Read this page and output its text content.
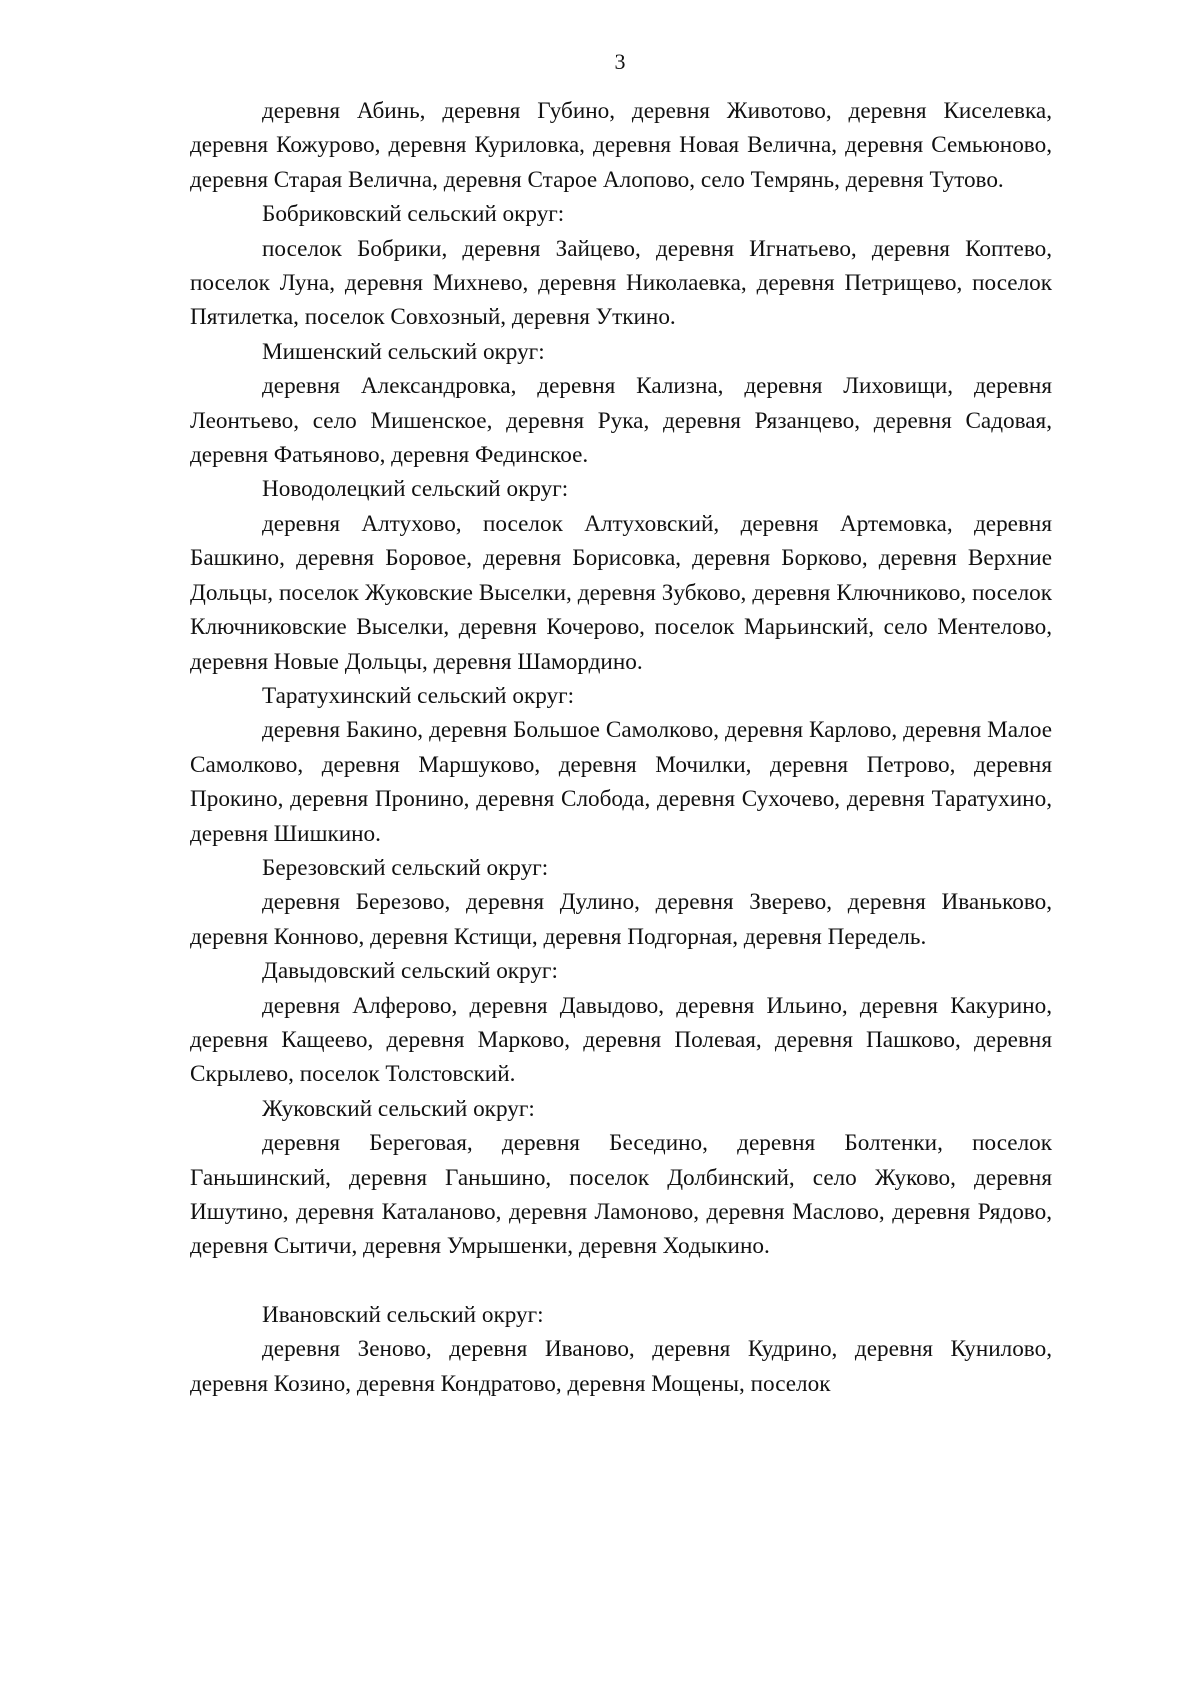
3

деревня Абинь, деревня Губино, деревня Животово, деревня Киселевка, деревня Кожурово, деревня Куриловка, деревня Новая Велична, деревня Семьюново, деревня Старая Велична, деревня Старое Алопово, село Темрянь, деревня Тутово.

Бобриковский сельский округ:

поселок Бобрики, деревня Зайцево, деревня Игнатьево, деревня Коптево, поселок Луна, деревня Михнево, деревня Николаевка, деревня Петрищево, поселок Пятилетка, поселок Совхозный, деревня Уткино.

Мишенский сельский округ:

деревня Александровка, деревня Кализна, деревня Лиховищи, деревня Леонтьево, село Мишенское, деревня Рука, деревня Рязанцево, деревня Садовая, деревня Фатьяново, деревня Фединское.

Новодолецкий сельский округ:

деревня Алтухово, поселок Алтуховский, деревня Артемовка, деревня Башкино, деревня Боровое, деревня Борисовка, деревня Борково, деревня Верхние Дольцы, поселок Жуковские Выселки, деревня Зубково, деревня Ключниково, поселок Ключниковские Выселки, деревня Кочерово, поселок Марьинский, село Ментелово, деревня Новые Дольцы, деревня Шамордино.

Таратухинский сельский округ:

деревня Бакино, деревня Большое Самолково, деревня Карлово, деревня Малое Самолково, деревня Маршуково, деревня Мочилки, деревня Петрово, деревня Прокино, деревня Пронино, деревня Слобода, деревня Сухочево, деревня Таратухино, деревня Шишкино.

Березовский сельский округ:

деревня Березово, деревня Дулино, деревня Зверево, деревня Иваньково, деревня Конново, деревня Кстищи, деревня Подгорная, деревня Передель.

Давыдовский сельский округ:

деревня Алферово, деревня Давыдово, деревня Ильино, деревня Какурино, деревня Кащеево, деревня Марково, деревня Полевая, деревня Пашково, деревня Скрылево, поселок Толстовский.

Жуковский сельский округ:

деревня Береговая, деревня Беседино, деревня Болтенки, поселок Ганьшинский, деревня Ганьшино, поселок Долбинский, село Жуково, деревня Ишутино, деревня Каталаново, деревня Ламоново, деревня Маслово, деревня Рядово, деревня Сытичи, деревня Умрышенки, деревня Ходыкино.

Ивановский сельский округ:

деревня Зеново, деревня Иваново, деревня Кудрино, деревня Кунилово, деревня Козино, деревня Кондратово, деревня Мощены, поселок
